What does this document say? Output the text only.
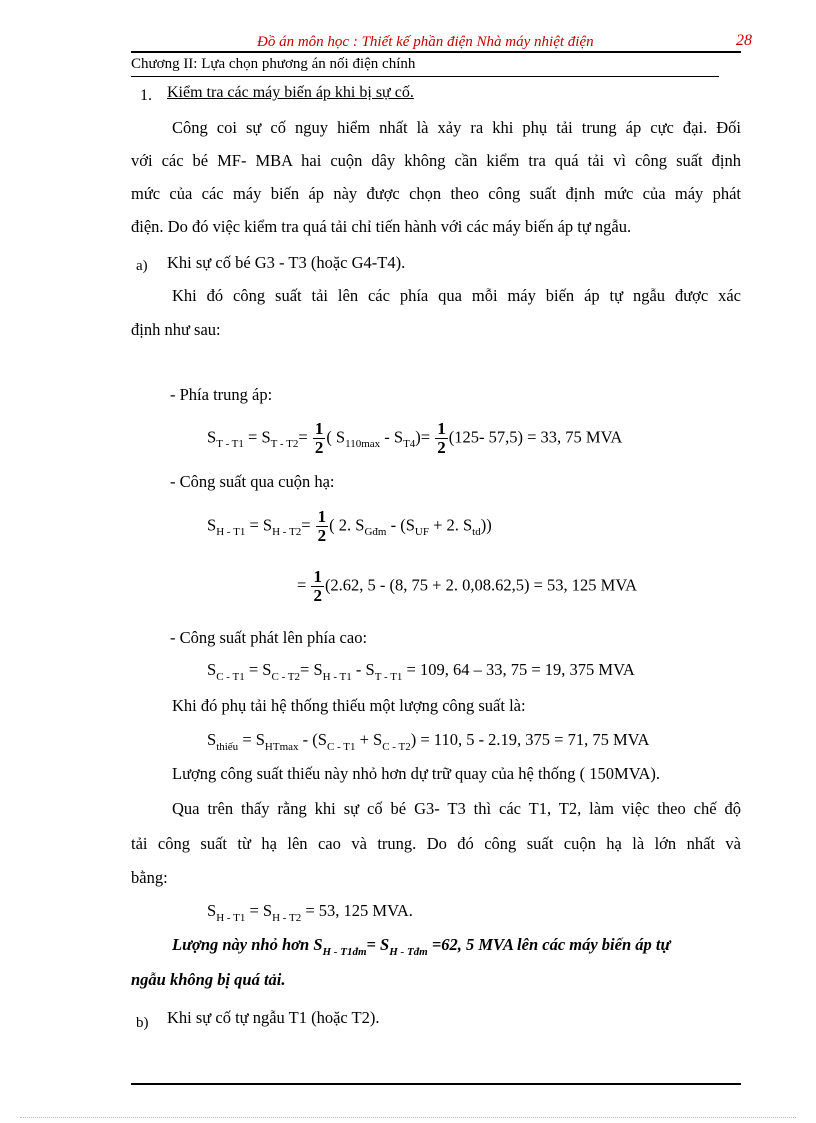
Đồ án môn học : Thiết kế phần điện Nhà máy nhiệt điện	28
Chương II: Lựa chọn phương án nối điện chính
1. Kiểm tra các máy biến áp khi bị sự cố.
Công coi sự cố nguy hiểm nhất là xảy ra khi phụ tải trung áp cực đại. Đối
với các bé MF- MBA hai cuộn dây không cần kiểm tra quá tải vì công suất định
mức của các máy biến áp này được chọn theo công suất định mức của máy phát
điện. Do đó việc kiểm tra quá tải chỉ tiến hành với các máy biến áp tự ngẫu.
a) Khi sự cố bé G3 - T3 (hoặc G4-T4).
Khi đó công suất tải lên các phía qua mỗi máy biến áp tự ngẫu được xác
định như sau:
- Phía trung áp:
$S_{T - T1} = S_{T - T2}= \frac{1}{2}$ ( $S_{110max} - S_{T4})= \frac{1}{2} (125-$ 57,5) = 33, 75 MVA
- Công suất qua cuộn hạ:
$S_{H - T1} = S_{H - T2}= \frac{1}{2}$ ( 2. $S_{Gđm} - (S_{UF} + 2$. $S_{td}$))
= $\frac{1}{2} (2.62$, 5 - (8, 75 + 2. 0,08.62,5) = 53, 125 MVA
- Công suất phát lên phía cao:
$S_{C - T1} = S_{C - T2}= S_{H - T1} - S_{T - T1} = 109$, 64 – 33, 75 = 19, 375 MVA
Khi đó phụ tải hệ thống thiếu một lượng công suất là:
$S_{thiếu} = S_{HTmax} - (S_{C - T1} + S_{C - T2}) = 110$, 5 - 2.19, 375 = 71, 75 MVA
Lượng công suất thiếu này nhỏ hơn dự trữ quay của hệ thống ( 150MVA).
Qua trên thấy rằng khi sự cố bé G3- T3 thì các T1, T2, làm việc theo chế độ
tải công suất từ hạ lên cao và trung. Do đó công suất cuộn hạ là lớn nhất và
bằng:
$S_{H - T1} = S_{H - T2} = 53$, 125 MVA.
Lượng này nhỏ hơn $S_{H - T1đm}= S_{H - Tđm} =62$, 5 MVA lên các máy biến áp tự
ngẫu không bị quá tải.
b) Khi sự cố tự ngẫu T1 (hoặc T2).
